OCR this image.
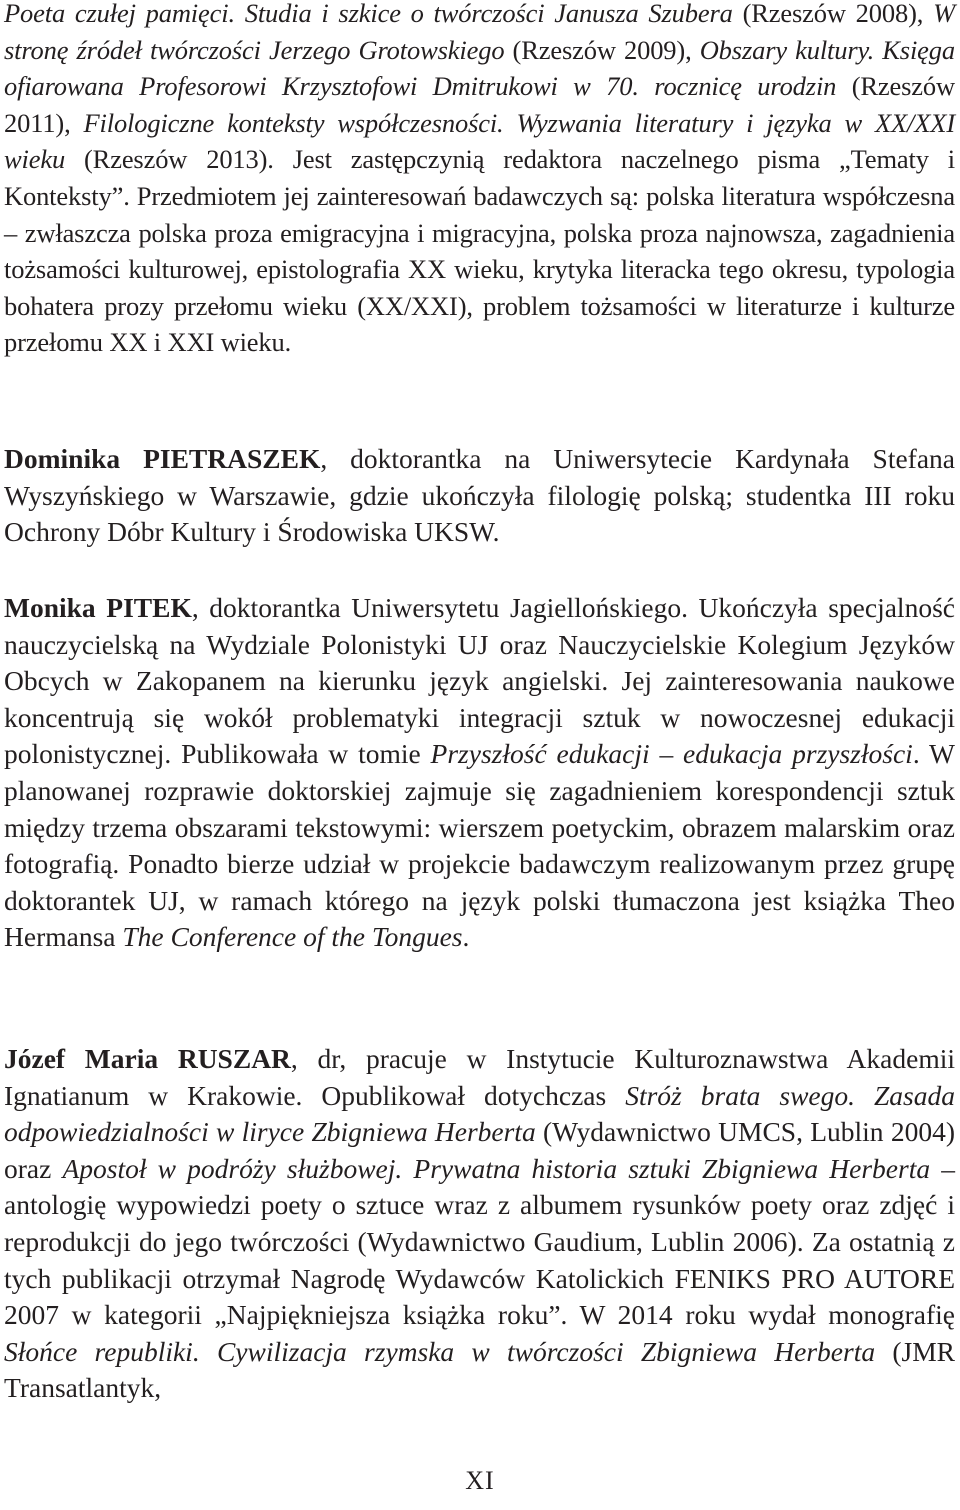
Poeta czułej pamięci. Studia i szkice o twórczości Janusza Szubera (Rzeszów 2008), W stronę źródeł twórczości Jerzego Grotowskiego (Rzeszów 2009), Obszary kultury. Księga ofiarowana Profesorowi Krzysztofowi Dmitrukowi w 70. rocznicę urodzin (Rzeszów 2011), Filologiczne konteksty współczesności. Wyzwania literatury i języka w XX/XXI wieku (Rzeszów 2013). Jest zastępczynią redaktora naczelnego pisma „Tematy i Konteksty”. Przedmiotem jej zainteresowań badawczych są: polska literatura współczesna – zwłaszcza polska proza emigracyjna i migracyjna, polska proza najnowsza, zagadnienia tożsamości kulturowej, epistolografia XX wieku, krytyka literacka tego okresu, typologia bohatera prozy przełomu wieku (XX/XXI), problem tożsamości w literaturze i kulturze przełomu XX i XXI wieku.

Dominika PIETRASZEK, doktorantka na Uniwersytecie Kardynała Stefana Wyszyńskiego w Warszawie, gdzie ukończyła filologię polską; studentka III roku Ochrony Dóbr Kultury i Środowiska UKSW.

Monika PITEK, doktorantka Uniwersytetu Jagiellońskiego. Ukończyła specjalność nauczycielską na Wydziale Polonistyki UJ oraz Nauczycielskie Kolegium Języków Obcych w Zakopanem na kierunku język angielski. Jej zainteresowania naukowe koncentrują się wokół problematyki integracji sztuk w nowoczesnej edukacji polonistycznej. Publikowała w tomie Przyszłość edukacji – edukacja przyszłości. W planowanej rozprawie doktorskiej zajmuje się zagadnieniem korespondencji sztuk między trzema obszarami tekstowymi: wierszem poetyckim, obrazem malarskim oraz fotografią. Ponadto bierze udział w projekcie badawczym realizowanym przez grupę doktorantek UJ, w ramach którego na język polski tłumaczona jest książka Theo Hermansa The Conference of the Tongues.

Józef Maria RUSZAR, dr, pracuje w Instytucie Kulturoznawstwa Akademii Ignatianum w Krakowie. Opublikował dotychczas Stróż brata swego. Zasada odpowiedzialności w liryce Zbigniewa Herberta (Wydawnictwo UMCS, Lublin 2004) oraz Apostoł w podróży służbowej. Prywatna historia sztuki Zbigniewa Herberta – antologię wypowiedzi poety o sztuce wraz z albumem rysunków poety oraz zdjęć i reprodukcji do jego twórczości (Wydawnictwo Gaudium, Lublin 2006). Za ostatnią z tych publikacji otrzymał Nagrodę Wydawców Katolickich FENIKS PRO AUTORE 2007 w kategorii „Najpiękniejsza książka roku”. W 2014 roku wydał monografię Słońce republiki. Cywilizacja rzymska w twórczości Zbigniewa Herberta (JMR Transatlantyk,

XI
